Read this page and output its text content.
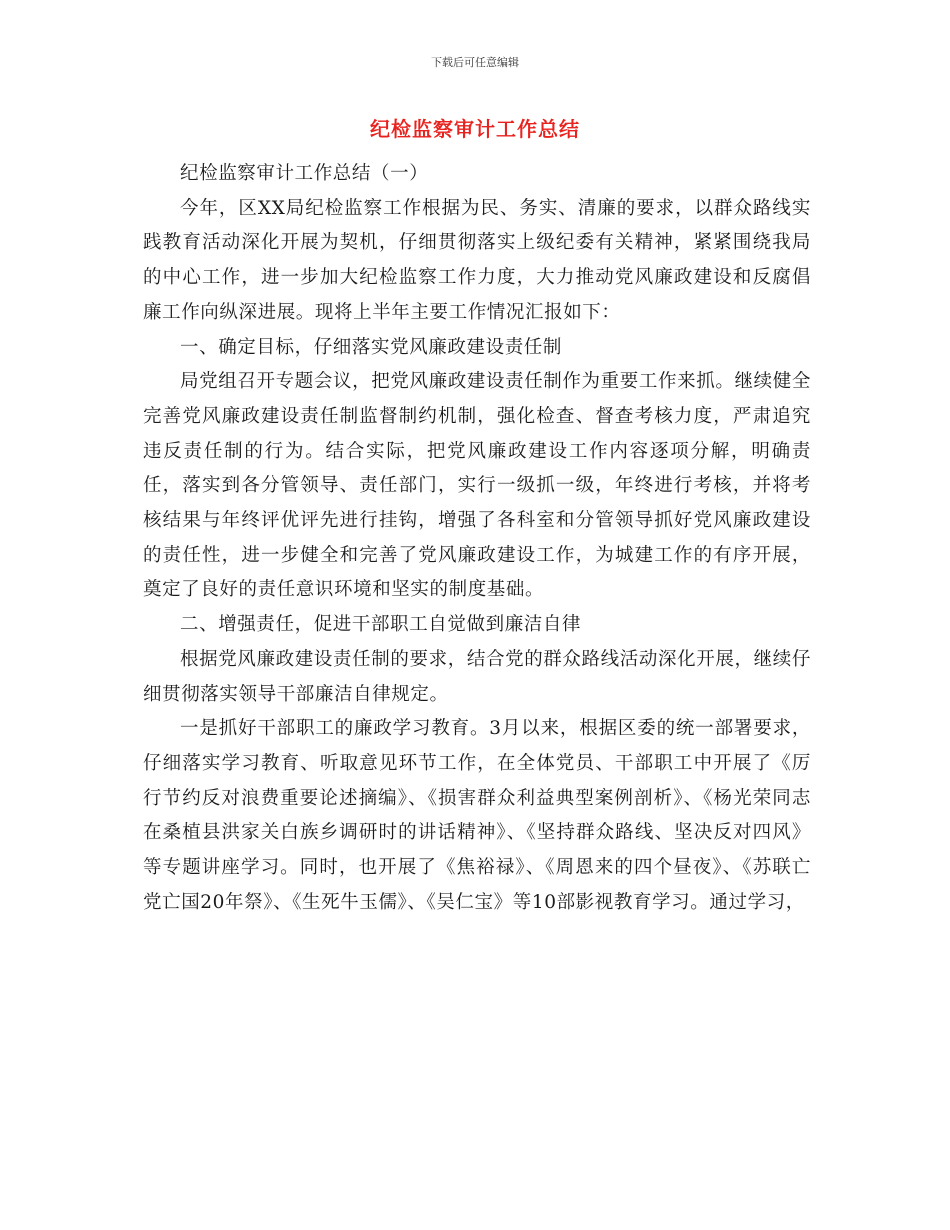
下载后可任意编辑
纪检监察审计工作总结

纪检监察审计工作总结（一）

今年，区XX局纪检监察工作根据为民、务实、清廉的要求，以群众路线实践教育活动深化开展为契机，仔细贯彻落实上级纪委有关精神，紧紧围绕我局的中心工作，进一步加大纪检监察工作力度，大力推动党风廉政建设和反腐倡廉工作向纵深进展。现将上半年主要工作情况汇报如下：

一、确定目标，仔细落实党风廉政建设责任制

局党组召开专题会议，把党风廉政建设责任制作为重要工作来抓。继续健全完善党风廉政建设责任制监督制约机制，强化检查、督查考核力度，严肃追究违反责任制的行为。结合实际，把党风廉政建设工作内容逐项分解，明确责任，落实到各分管领导、责任部门，实行一级抓一级，年终进行考核，并将考核结果与年终评优评先进行挂钩，增强了各科室和分管领导抓好党风廉政建设的责任性，进一步健全和完善了党风廉政建设工作，为城建工作的有序开展，奠定了良好的责任意识环境和坚实的制度基础。

二、增强责任，促进干部职工自觉做到廉洁自律

根据党风廉政建设责任制的要求，结合党的群众路线活动深化开展，继续仔细贯彻落实领导干部廉洁自律规定。

一是抓好干部职工的廉政学习教育。3月以来，根据区委的统一部署要求，仔细落实学习教育、听取意见环节工作，在全体党员、干部职工中开展了《厉行节约反对浪费重要论述摘编》、《损害群众利益典型案例剖析》、《杨光荣同志在桑植县洪家关白族乡调研时的讲话精神》、《坚持群众路线、坚决反对四风》等专题讲座学习。同时，也开展了《焦裕禄》、《周恩来的四个昼夜》、《苏联亡党亡国20年祭》、《生死牛玉儒》、《吴仁宝》等10部影视教育学习。通过学习，
